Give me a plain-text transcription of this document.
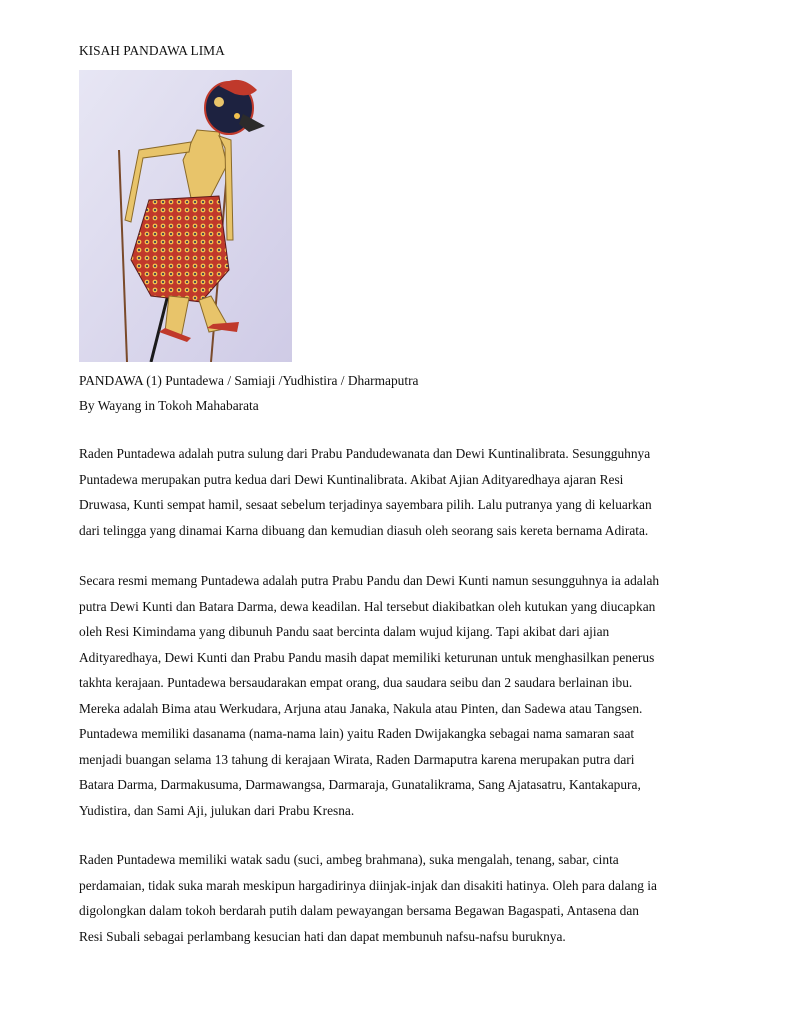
KISAH PANDAWA LIMA
PANDAWA (1) Puntadewa / Samiaji /Yudhistira / Dharmaputra
By Wayang in Tokoh Mahabarata

Raden Puntadewa adalah putra sulung dari Prabu Pandudewanata dan Dewi Kuntinalibrata. Sesungguhnya
Puntadewa merupakan putra kedua dari Dewi Kuntinalibrata. Akibat Ajian Adityaredhaya ajaran Resi
Druwasa, Kunti sempat hamil, sesaat sebelum terjadinya sayembara pilih. Lalu putranya yang di keluarkan
dari telingga yang dinamai Karna dibuang dan kemudian diasuh oleh seorang sais kereta bernama Adirata.

Secara resmi memang Puntadewa adalah putra Prabu Pandu dan Dewi Kunti namun sesungguhnya ia adalah
putra Dewi Kunti dan Batara Darma, dewa keadilan. Hal tersebut diakibatkan oleh kutukan yang diucapkan
oleh Resi Kimindama yang dibunuh Pandu saat bercinta dalam wujud kijang. Tapi akibat dari ajian
Adityaredhaya, Dewi Kunti dan Prabu Pandu masih dapat memiliki keturunan untuk menghasilkan penerus
takhta kerajaan. Puntadewa bersaudarakan empat orang, dua saudara seibu dan 2 saudara berlainan ibu.
Mereka adalah Bima atau Werkudara, Arjuna atau Janaka, Nakula atau Pinten, dan Sadewa atau Tangsen.
Puntadewa memiliki dasanama (nama-nama lain) yaitu Raden Dwijakangka sebagai nama samaran saat
menjadi buangan selama 13 tahung di kerajaan Wirata, Raden Darmaputra karena merupakan putra dari
Batara Darma, Darmakusuma, Darmawangsa, Darmaraja, Gunatalikrama, Sang Ajatasatru, Kantakapura,
Yudistira, dan Sami Aji, julukan dari Prabu Kresna.

Raden Puntadewa memiliki watak sadu (suci, ambeg brahmana), suka mengalah, tenang, sabar, cinta
perdamaian, tidak suka marah meskipun hargadirinya diinjak-injak dan disakiti hatinya. Oleh para dalang ia
digolongkan dalam tokoh berdarah putih dalam pewayangan bersama Begawan Bagaspati, Antasena dan
Resi Subali sebagai perlambang kesucian hati dan dapat membunuh nafsu-nafsu buruknya.
